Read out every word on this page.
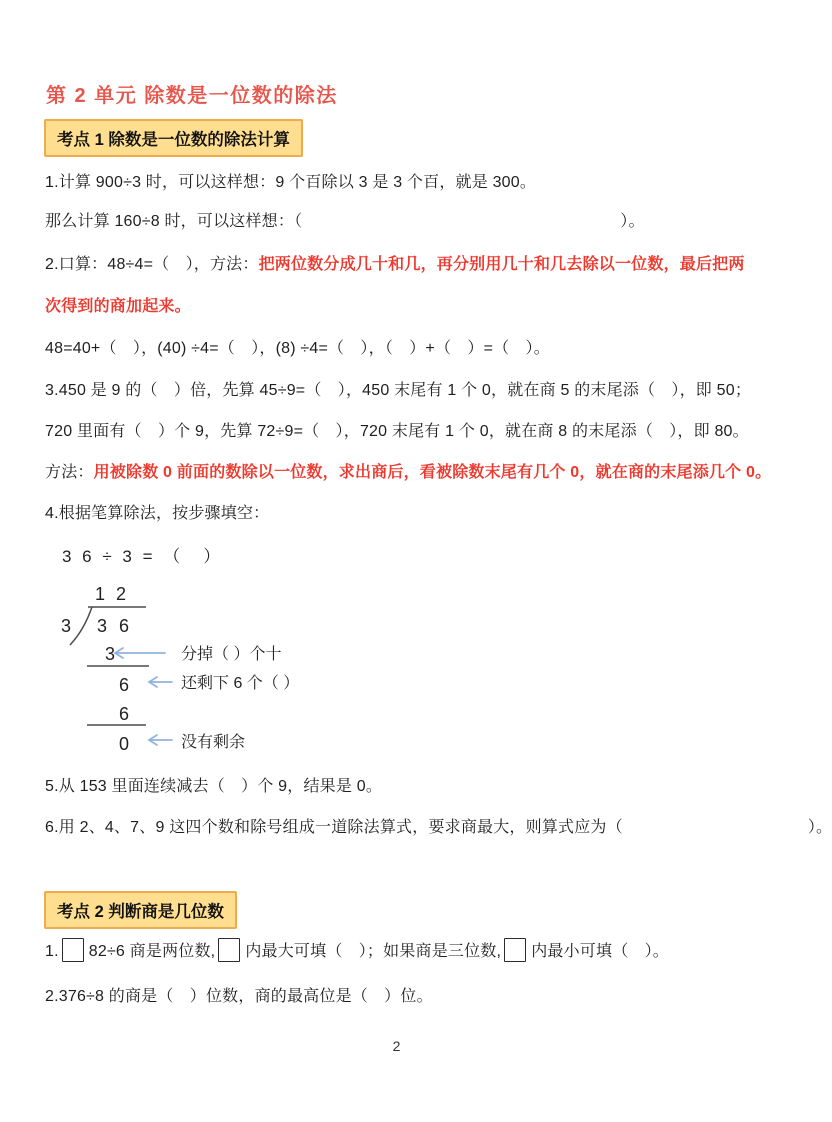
第 2 单元 除数是一位数的除法
考点 1 除数是一位数的除法计算
1.计算 900÷3 时，可以这样想：9 个百除以 3 是 3 个百，就是 300。
那么计算 160÷8 时，可以这样想：（	）。
2.口算：48÷4=（　），方法：把两位数分成几十和几，再分别用几十和几去除以一位数，最后把两
次得到的商加起来。
48=40+（　），(40) ÷4=（　），(8) ÷4=（　），（　）+（　）=（　）。
3.450 是 9 的（　）倍，先算 45÷9=（　），450 末尾有 1 个 0，就在商 5 的末尾添（　），即 50；
720 里面有（　）个 9，先算 72÷9=（　），720 末尾有 1 个 0，就在商 8 的末尾添（　），即 80。
方法：用被除数 0 前面的数除以一位数，求出商后，看被除数末尾有几个 0，就在商的末尾添几个 0。
4.根据笔算除法，按步骤填空：
3 6 ÷ 3 = （　）
1 2
3 3 6
3	分掉（ ）个十
6	还剩下 6 个（ ）
6
0	没有剩余
5.从 153 里面连续减去（　）个 9，结果是 0。
6.用 2、4、7、9 这四个数和除号组成一道除法算式，要求商最大，则算式应为（	）。
考点 2 判断商是几位数
1. 82÷6 商是两位数, 内最大可填（　）；如果商是三位数, 内最小可填（　）。
2.376÷8 的商是（　）位数，商的最高位是（　）位。
2
